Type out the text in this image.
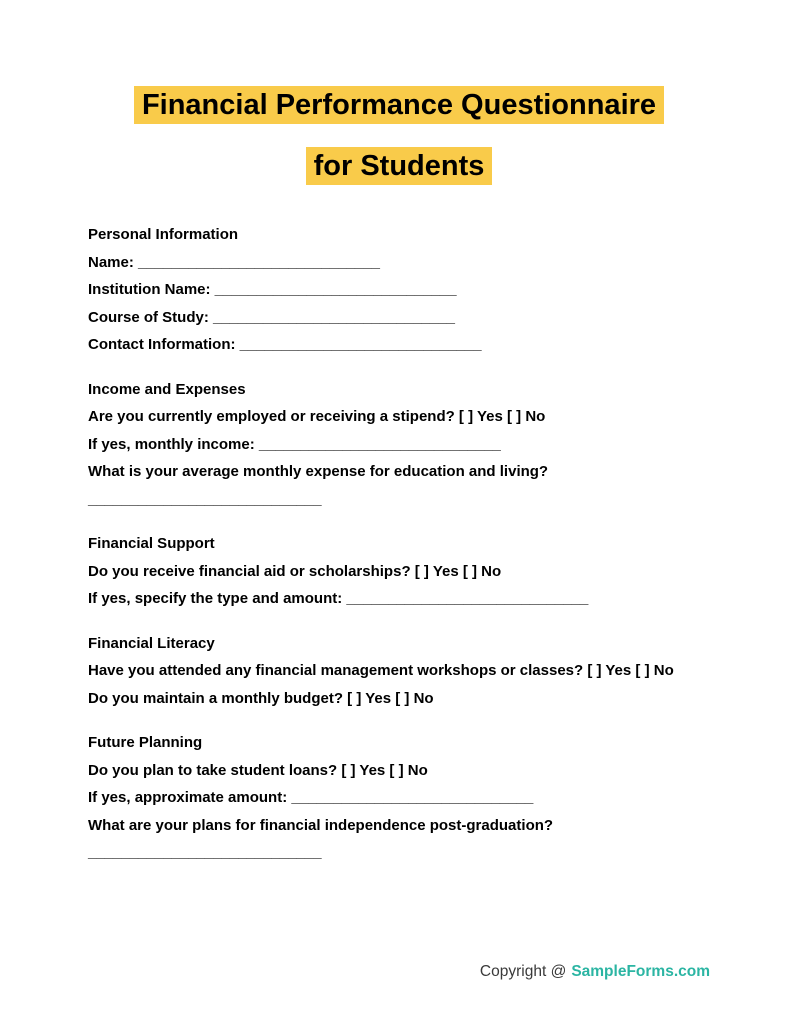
Financial Performance Questionnaire
for Students
Personal Information
Name: _____________________________
Institution Name: _____________________________
Course of Study: _____________________________
Contact Information: _____________________________
Income and Expenses
Are you currently employed or receiving a stipend? [ ] Yes [ ] No
If yes, monthly income: _____________________________
What is your average monthly expense for education and living?
____________________________
Financial Support
Do you receive financial aid or scholarships? [ ] Yes [ ] No
If yes, specify the type and amount: _____________________________
Financial Literacy
Have you attended any financial management workshops or classes? [ ] Yes [ ] No
Do you maintain a monthly budget? [ ] Yes [ ] No
Future Planning
Do you plan to take student loans? [ ] Yes [ ] No
If yes, approximate amount: _____________________________
What are your plans for financial independence post-graduation?
____________________________
Copyright @ SampleForms.com
